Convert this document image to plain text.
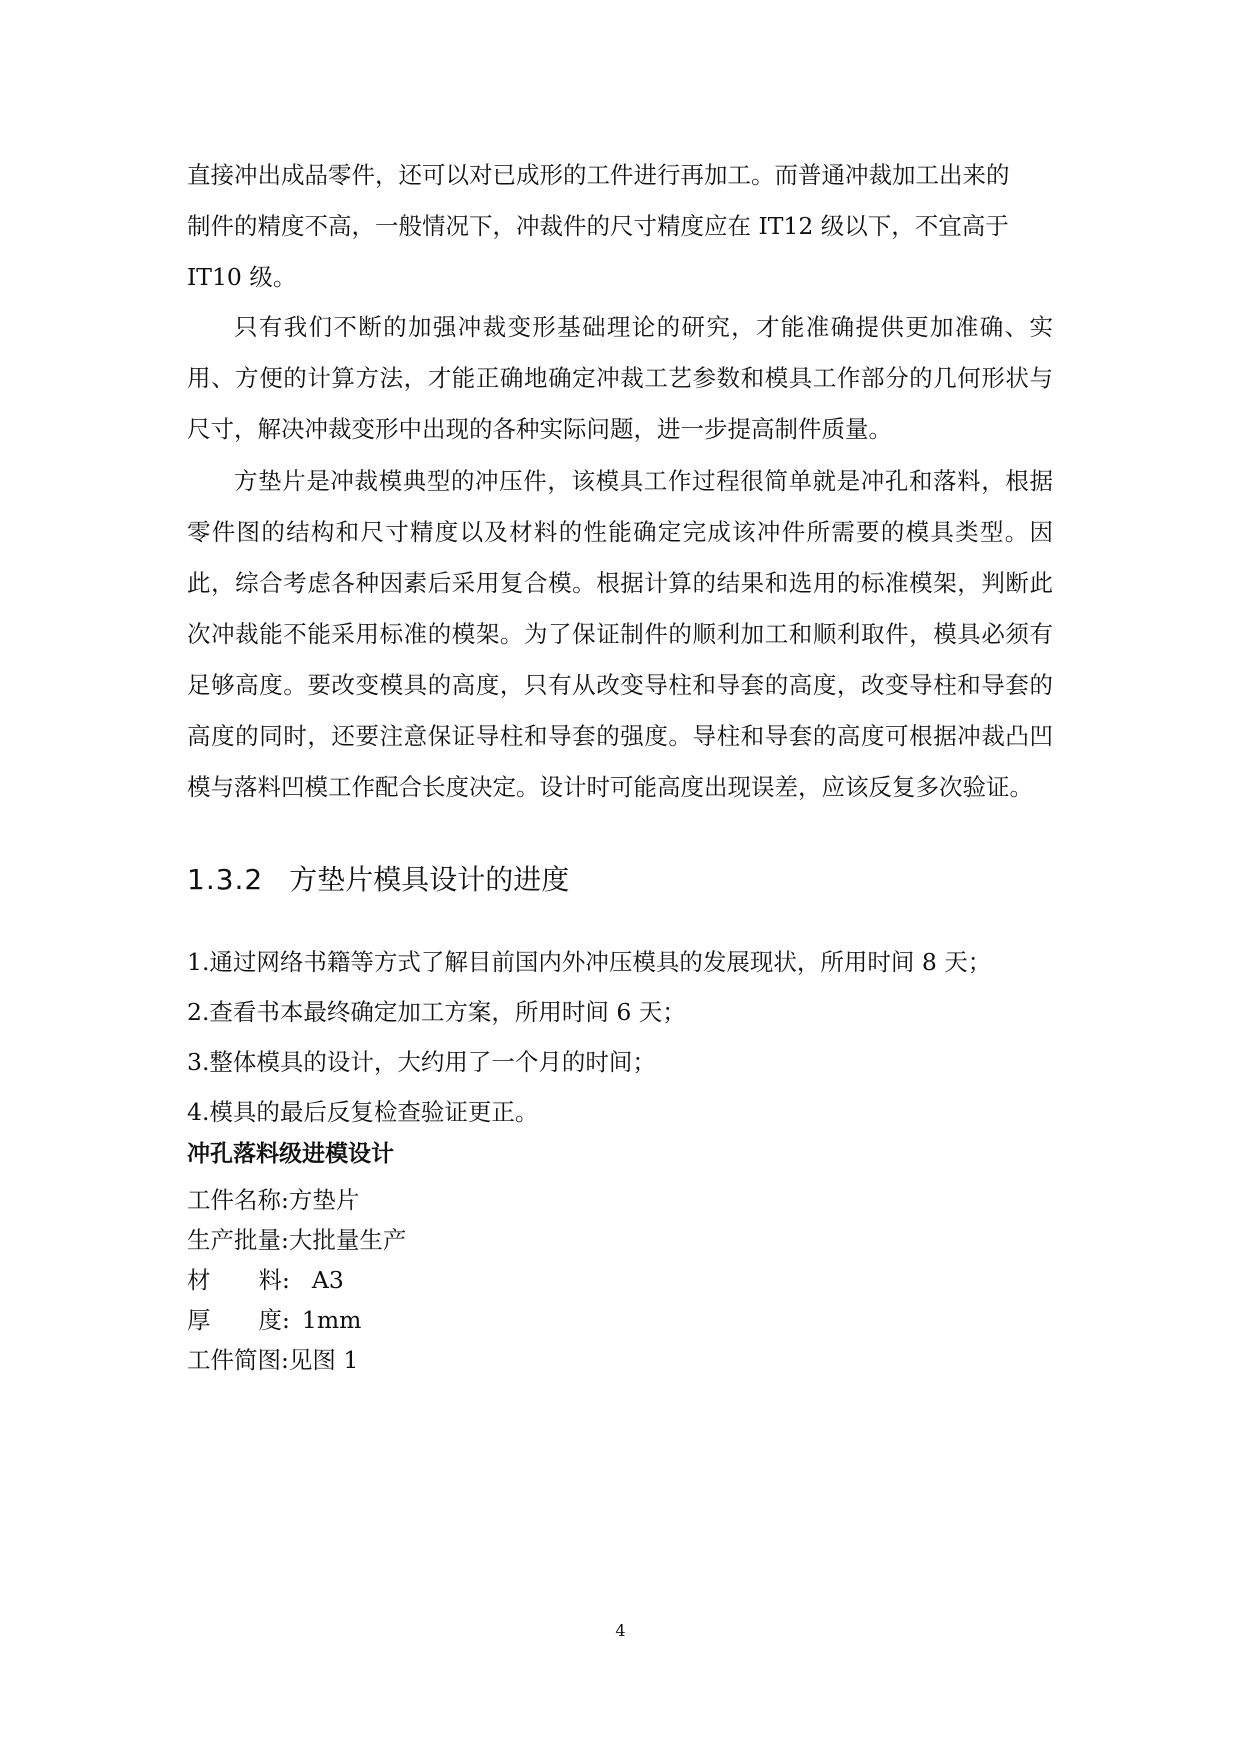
直接冲出成品零件，还可以对已成形的工件进行再加工。而普通冲裁加工出来的
制件的精度不高，一般情况下，冲裁件的尺寸精度应在 IT12 级以下，不宜高于
IT10 级。

只有我们不断的加强冲裁变形基础理论的研究，才能准确提供更加准确、实用、方便的计算方法，才能正确地确定冲裁工艺参数和模具工作部分的几何形状与尺寸，解决冲裁变形中出现的各种实际问题，进一步提高制件质量。

方垫片是冲裁模典型的冲压件，该模具工作过程很简单就是冲孔和落料，根据零件图的结构和尺寸精度以及材料的性能确定完成该冲件所需要的模具类型。因此，综合考虑各种因素后采用复合模。根据计算的结果和选用的标准模架，判断此次冲裁能不能采用标准的模架。为了保证制件的顺利加工和顺利取件，模具必须有足够高度。要改变模具的高度，只有从改变导柱和导套的高度，改变导柱和导套的高度的同时，还要注意保证导柱和导套的强度。导柱和导套的高度可根据冲裁凸凹模与落料凹模工作配合长度决定。设计时可能高度出现误差，应该反复多次验证。

1.3.2 方垫片模具设计的进度
1.通过网络书籍等方式了解目前国内外冲压模具的发展现状，所用时间 8 天；
2.查看书本最终确定加工方案，所用时间 6 天；
3.整体模具的设计，大约用了一个月的时间；
4.模具的最后反复检查验证更正。
冲孔落料级进模设计
工件名称:方垫片
生产批量:大批量生产
材 料: A3
厚 度: 1mm
工件简图:见图 1
4
